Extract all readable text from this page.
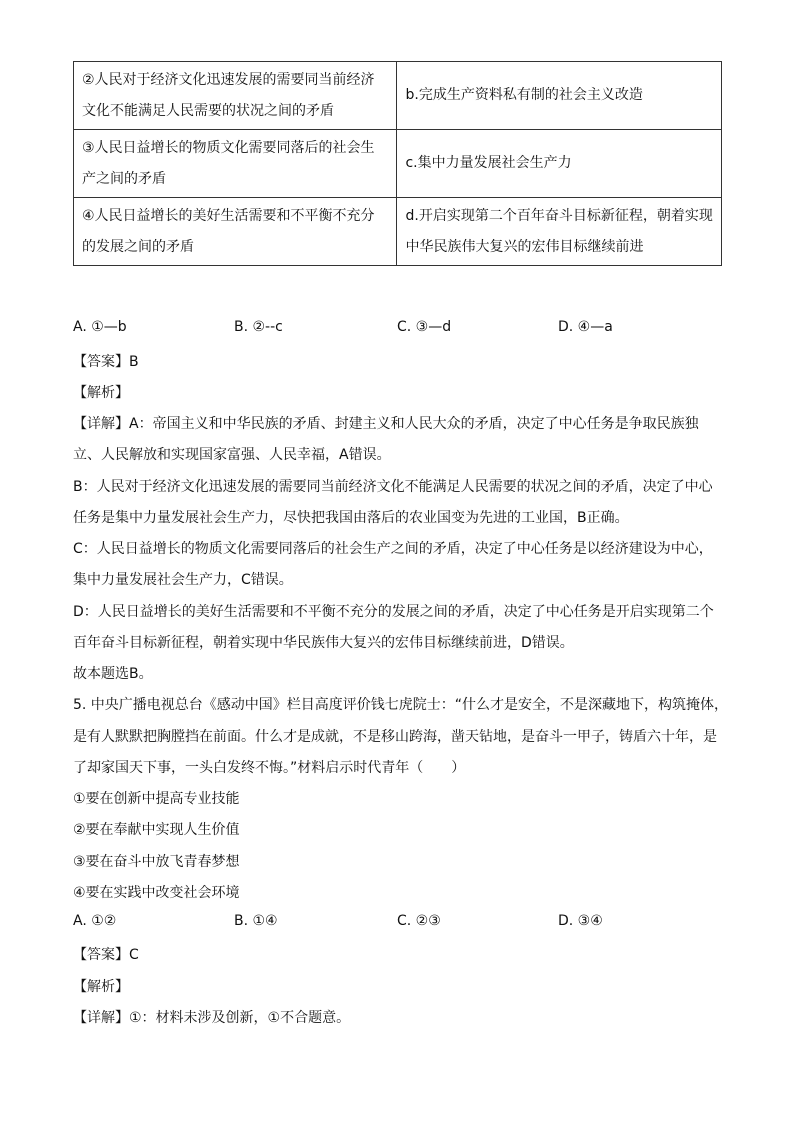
②人民对于经济文化迅速发展的需要同当前经济文化不能满足人民需要的状况之间的矛盾	b.完成生产资料私有制的社会主义改造
③人民日益增长的物质文化需要同落后的社会生产之间的矛盾	c.集中力量发展社会生产力
④人民日益增长的美好生活需要和不平衡不充分的发展之间的矛盾	d.开启实现第二个百年奋斗目标新征程，朝着实现中华民族伟大复兴的宏伟目标继续前进
A. ①—b	B. ②--c	C. ③—d	D. ④—a
【答案】B
【解析】
【详解】A：帝国主义和中华民族的矛盾、封建主义和人民大众的矛盾，决定了中心任务是争取民族独
立、人民解放和实现国家富强、人民幸福，A错误。
B：人民对于经济文化迅速发展的需要同当前经济文化不能满足人民需要的状况之间的矛盾，决定了中心
任务是集中力量发展社会生产力，尽快把我国由落后的农业国变为先进的工业国，B正确。
C：人民日益增长的物质文化需要同落后的社会生产之间的矛盾，决定了中心任务是以经济建设为中心，
集中力量发展社会生产力，C错误。
D：人民日益增长的美好生活需要和不平衡不充分的发展之间的矛盾，决定了中心任务是开启实现第二个
百年奋斗目标新征程，朝着实现中华民族伟大复兴的宏伟目标继续前进，D错误。
故本题选B。
5. 中央广播电视总台《感动中国》栏目高度评价钱七虎院士：“什么才是安全，不是深藏地下，构筑掩体，
是有人默默把胸膛挡在前面。什么才是成就，不是移山跨海，凿天钻地，是奋斗一甲子，铸盾六十年，是
了却家国天下事，一头白发终不悔。”材料启示时代青年（　　）
①要在创新中提高专业技能
②要在奉献中实现人生价值
③要在奋斗中放飞青春梦想
④要在实践中改变社会环境
A. ①②	B. ①④	C. ②③	D. ③④
【答案】C
【解析】
【详解】①：材料未涉及创新，①不合题意。
